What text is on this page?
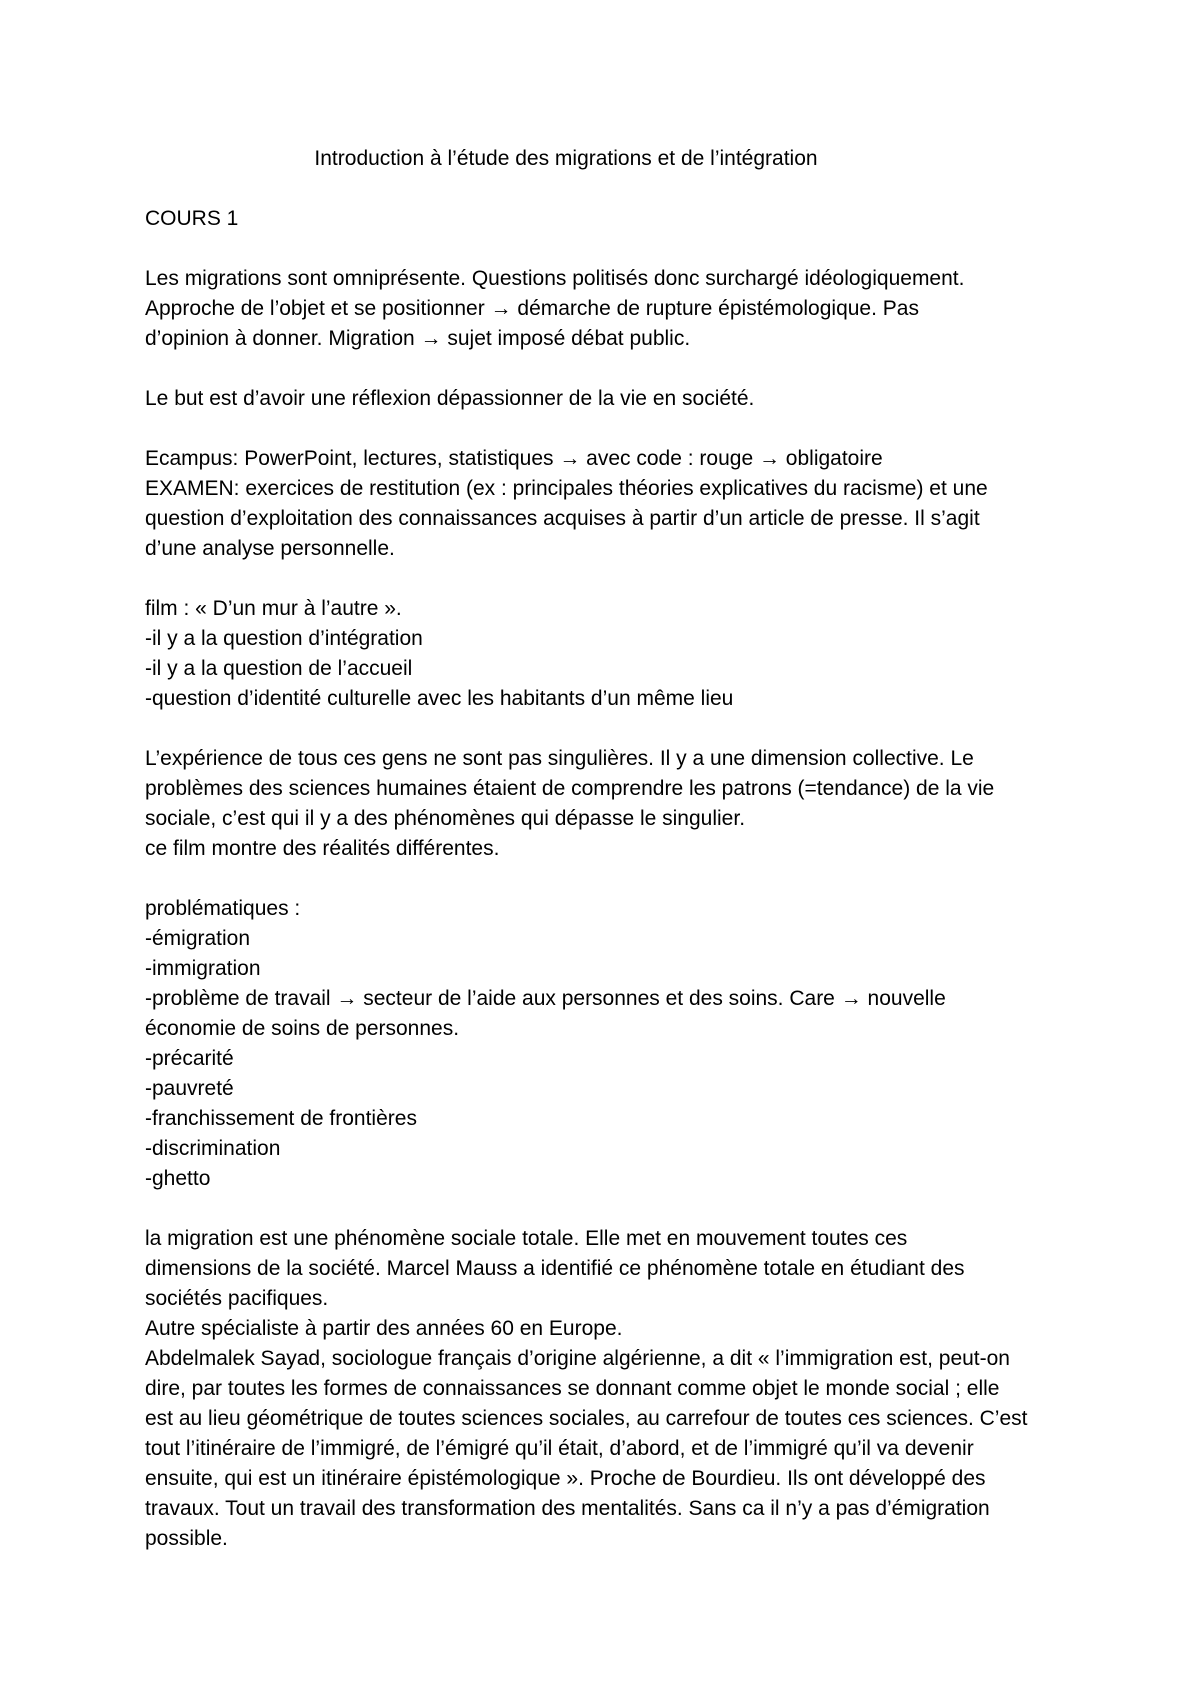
Introduction à l’étude des migrations et de l’intégration
COURS 1
Les migrations sont omniprésente. Questions politisés donc surchargé idéologiquement.
Approche de l’objet et se positionner → démarche de rupture épistémologique. Pas
d’opinion à donner. Migration → sujet imposé débat public.
Le but est d’avoir une réflexion dépassionner de la vie en société.
Ecampus: PowerPoint, lectures, statistiques → avec code : rouge → obligatoire
EXAMEN: exercices de restitution (ex : principales théories explicatives du racisme) et une
question d’exploitation des connaissances acquises à partir d’un article de presse. Il s’agit
d’une analyse personnelle.
film : « D’un mur à l’autre ».
-il y a la question d’intégration
-il y a la question de l’accueil
-question d’identité culturelle avec les habitants d’un même lieu
L’expérience de tous ces gens ne sont pas singulières. Il y a une dimension collective. Le
problèmes des sciences humaines étaient de comprendre les patrons (=tendance) de la vie
sociale, c’est qui il y a des phénomènes qui dépasse le singulier.
ce film montre des réalités différentes.
problématiques :
-émigration
-immigration
-problème de travail → secteur de l’aide aux personnes et des soins. Care → nouvelle
économie de soins de personnes.
-précarité
-pauvreté
-franchissement de frontières
-discrimination
-ghetto
la migration est une phénomène sociale totale. Elle met en mouvement toutes ces
dimensions de la société. Marcel Mauss a identifié ce phénomène totale en étudiant des
sociétés pacifiques.
Autre spécialiste à partir des années 60 en Europe.
Abdelmalek Sayad, sociologue français d’origine algérienne, a dit « l’immigration est, peut-on
dire, par toutes les formes de connaissances se donnant comme objet le monde social ; elle
est au lieu géométrique de toutes sciences sociales, au carrefour de toutes ces sciences. C’est
tout l’itinéraire de l’immigré, de l’émigré qu’il était, d’abord, et de l’immigré qu’il va devenir
ensuite, qui est un itinéraire épistémologique ». Proche de Bourdieu. Ils ont développé des
travaux. Tout un travail des transformation des mentalités. Sans ca il n’y a pas d’émigration
possible.
